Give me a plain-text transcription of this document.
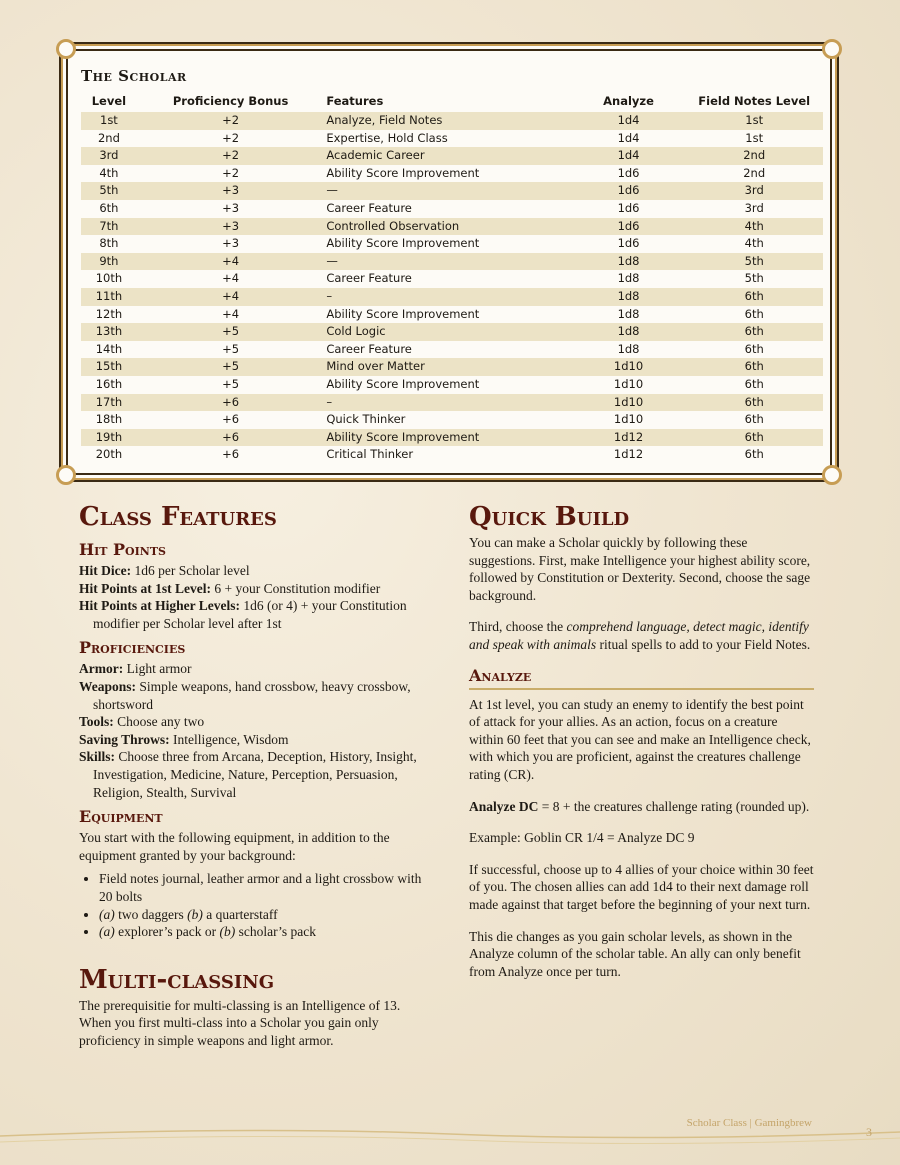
The Scholar
Level	Proficiency Bonus	Features	Analyze	Field Notes Level
1st	+2	Analyze, Field Notes	1d4	1st
2nd	+2	Expertise, Hold Class	1d4	1st
3rd	+2	Academic Career	1d4	2nd
4th	+2	Ability Score Improvement	1d6	2nd
5th	+3	—	1d6	3rd
6th	+3	Career Feature	1d6	3rd
7th	+3	Controlled Observation	1d6	4th
8th	+3	Ability Score Improvement	1d6	4th
9th	+4	—	1d8	5th
10th	+4	Career Feature	1d8	5th
11th	+4	–	1d8	6th
12th	+4	Ability Score Improvement	1d8	6th
13th	+5	Cold Logic	1d8	6th
14th	+5	Career Feature	1d8	6th
15th	+5	Mind over Matter	1d10	6th
16th	+5	Ability Score Improvement	1d10	6th
17th	+6	–	1d10	6th
18th	+6	Quick Thinker	1d10	6th
19th	+6	Ability Score Improvement	1d12	6th
20th	+6	Critical Thinker	1d12	6th
Class Features
Hit Points

Hit Dice: 1d6 per Scholar level

Hit Points at 1st Level: 6 + your Constitution modifier

Hit Points at Higher Levels: 1d6 (or 4) + your Constitution modifier per Scholar level after 1st

Proficiencies

Armor: Light armor

Weapons: Simple weapons, hand crossbow, heavy crossbow, shortsword

Tools: Choose any two

Saving Throws: Intelligence, Wisdom

Skills: Choose three from Arcana, Deception, History, Insight, Investigation, Medicine, Nature, Perception, Persuasion, Religion, Stealth, Survival

Equipment

You start with the following equipment, in addition to the equipment granted by your background:

• Field notes journal, leather armor and a light crossbow with 20 bolts
• (a) two daggers (b) a quarterstaff
• (a) explorer’s pack or (b) scholar’s pack
Multi-classing

The prerequisitie for multi-classing is an Intelligence of 13. When you first multi-class into a Scholar you gain only proficiency in simple weapons and light armor.

Quick Build

You can make a Scholar quickly by following these suggestions. First, make Intelligence your highest ability score, followed by Constitution or Dexterity. Second, choose the sage background.

Third, choose the comprehend language, detect magic, identify and speak with animals ritual spells to add to your Field Notes.

Analyze

At 1st level, you can study an enemy to identify the best point of attack for your allies. As an action, focus on a creature within 60 feet that you can see and make an Intelligence check, with which you are proficient, against the creatures challenge rating (CR).

Analyze DC = 8 + the creatures challenge rating (rounded up).

Example: Goblin CR 1/4 = Analyze DC 9

If successful, choose up to 4 allies of your choice within 30 feet of you. The chosen allies can add 1d4 to their next damage roll made against that target before the beginning of your next turn.

This die changes as you gain scholar levels, as shown in the Analyze column of the scholar table. An ally can only benefit from Analyze once per turn.

Scholar Class | Gamingbrew
3
